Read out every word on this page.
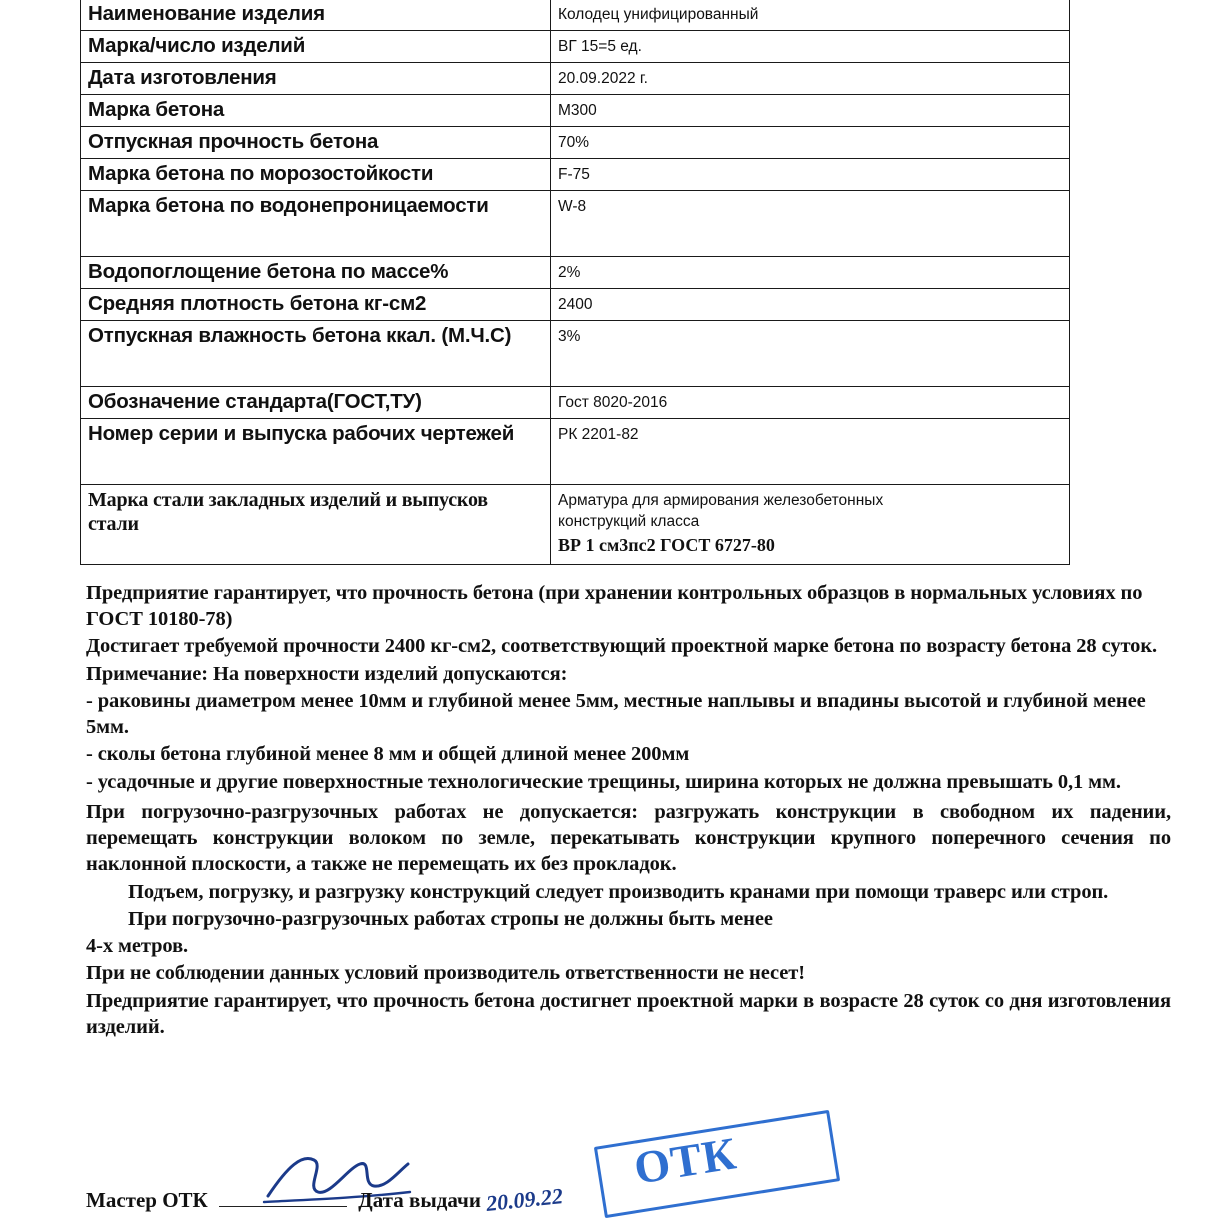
Наименование изделия	Колодец унифицированный
Марка/число изделий	ВГ 15=5 ед.
Дата изготовления	20.09.2022 г.
Марка бетона	М300
Отпускная прочность бетона	70%
Марка бетона по морозостойкости	F-75
Марка бетона по водонепроницаемости	W-8
Водопоглощение бетона по массе%	2%
Средняя плотность бетона кг-см2	2400
Отпускная влажность бетона ккал. (М.Ч.С)	3%
Обозначение стандарта(ГОСТ,ТУ)	Гост 8020-2016
Номер серии и выпуска рабочих чертежей	РК 2201-82
Марка стали закладных изделий и выпусков стали	Арматура для армирования железобетонных
конструкций класса
ВР 1 см3пс2 ГОСТ 6727-80

Предприятие гарантирует, что прочность бетона (при хранении контрольных образцов в нормальных условиях по ГОСТ 10180-78)

Достигает требуемой прочности 2400 кг-см2, соответствующий проектной марке бетона по возрасту бетона 28 суток.

Примечание: На поверхности изделий допускаются:

- раковины диаметром менее 10мм и глубиной менее 5мм, местные наплывы и впадины высотой и глубиной менее 5мм.

- сколы бетона глубиной менее 8 мм и общей длиной менее 200мм

- усадочные и другие поверхностные технологические трещины, ширина которых не должна превышать 0,1 мм.

При погрузочно-разгрузочных работах не допускается: разгружать конструкции в свободном их падении, перемещать конструкции волоком по земле, перекатывать конструкции крупного поперечного сечения по наклонной плоскости, а также не перемещать их без прокладок.

Подъем, погрузку, и разгрузку конструкций следует производить кранами при помощи траверс или строп.

При погрузочно-разгрузочных работах стропы не должны быть менее

4-х метров.

При не соблюдении данных условий производитель ответственности не несет!

Предприятие гарантирует, что прочность бетона достигнет проектной марки в возрасте 28 суток со дня изготовления изделий.

ОТК
Мастер ОТК	Дата выдачи 20.09.22
